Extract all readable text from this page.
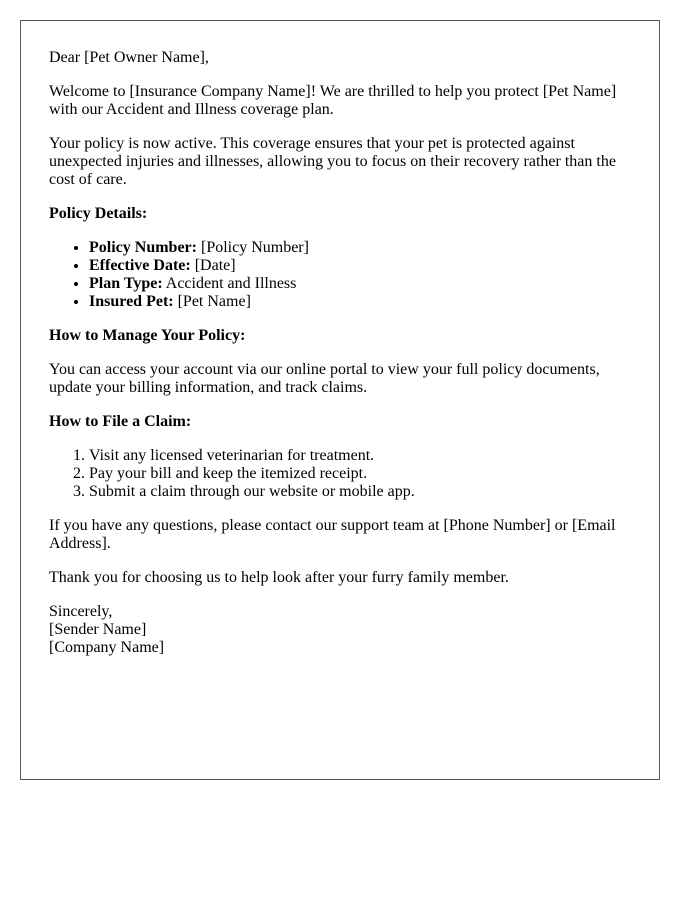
Dear [Pet Owner Name],

Welcome to [Insurance Company Name]! We are thrilled to help you protect [Pet Name] with our Accident and Illness coverage plan.

Your policy is now active. This coverage ensures that your pet is protected against unexpected injuries and illnesses, allowing you to focus on their recovery rather than the cost of care.

Policy Details:

• Policy Number: [Policy Number]
• Effective Date: [Date]
• Plan Type: Accident and Illness
• Insured Pet: [Pet Name]

How to Manage Your Policy:

You can access your account via our online portal to view your full policy documents, update your billing information, and track claims.

How to File a Claim:

1. Visit any licensed veterinarian for treatment.
2. Pay your bill and keep the itemized receipt.
3. Submit a claim through our website or mobile app.

If you have any questions, please contact our support team at [Phone Number] or [Email Address].

Thank you for choosing us to help look after your furry family member.

Sincerely,

[Sender Name]

[Company Name]
